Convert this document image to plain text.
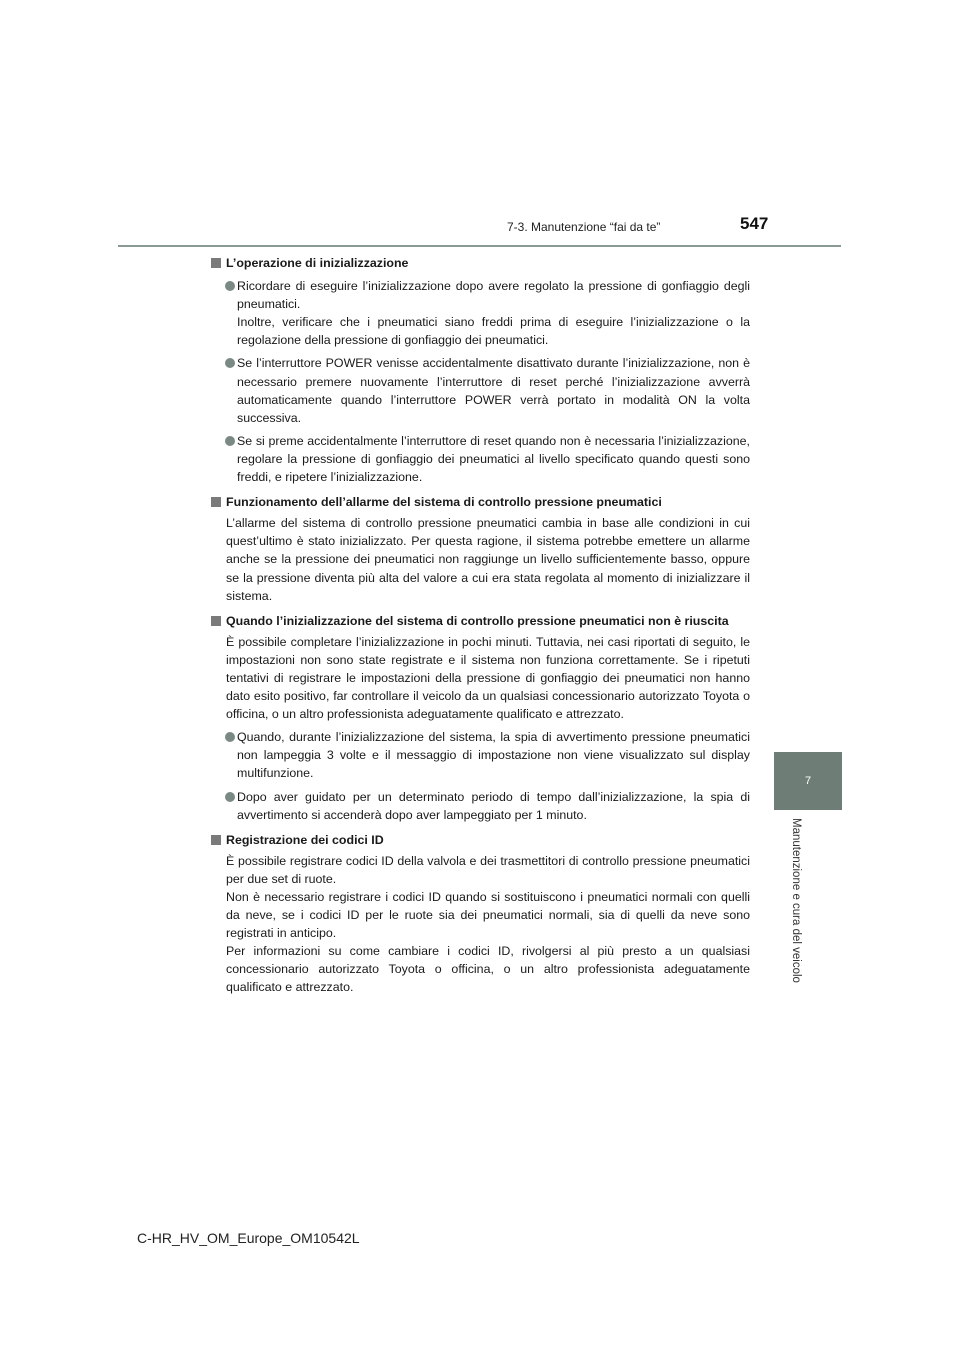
7-3. Manutenzione “fai da te”	547
7
Manutenzione e cura del veicolo
L’operazione di inizializzazione

Ricordare di eseguire l’inizializzazione dopo avere regolato la pressione di gonfiaggio degli pneumatici.

Inoltre, verificare che i pneumatici siano freddi prima di eseguire l’inizializzazione o la regolazione della pressione di gonfiaggio dei pneumatici.

Se l’interruttore POWER venisse accidentalmente disattivato durante l’inizializzazione, non è necessario premere nuovamente l’interruttore di reset perché l’inizializzazione avverrà automaticamente quando l’interruttore POWER verrà portato in modalità ON la volta successiva.

Se si preme accidentalmente l’interruttore di reset quando non è necessaria l’inizializzazione, regolare la pressione di gonfiaggio dei pneumatici al livello specificato quando questi sono freddi, e ripetere l’inizializzazione.

Funzionamento dell’allarme del sistema di controllo pressione pneumatici

L’allarme del sistema di controllo pressione pneumatici cambia in base alle condizioni in cui quest’ultimo è stato inizializzato. Per questa ragione, il sistema potrebbe emettere un allarme anche se la pressione dei pneumatici non raggiunge un livello sufficientemente basso, oppure se la pressione diventa più alta del valore a cui era stata regolata al momento di inizializzare il sistema.

Quando l’inizializzazione del sistema di controllo pressione pneumatici non è riuscita

È possibile completare l’inizializzazione in pochi minuti. Tuttavia, nei casi riportati di seguito, le impostazioni non sono state registrate e il sistema non funziona correttamente. Se i ripetuti tentativi di registrare le impostazioni della pressione di gonfiaggio dei pneumatici non hanno dato esito positivo, far controllare il veicolo da un qualsiasi concessionario autorizzato Toyota o officina, o un altro professionista adeguatamente qualificato e attrezzato.

Quando, durante l’inizializzazione del sistema, la spia di avvertimento pressione pneumatici non lampeggia 3 volte e il messaggio di impostazione non viene visualizzato sul display multifunzione.

Dopo aver guidato per un determinato periodo di tempo dall’inizializzazione, la spia di avvertimento si accenderà dopo aver lampeggiato per 1 minuto.

Registrazione dei codici ID

È possibile registrare codici ID della valvola e dei trasmettitori di controllo pressione pneumatici per due set di ruote.

Non è necessario registrare i codici ID quando si sostituiscono i pneumatici normali con quelli da neve, se i codici ID per le ruote sia dei pneumatici normali, sia di quelli da neve sono registrati in anticipo.

Per informazioni su come cambiare i codici ID, rivolgersi al più presto a un qualsiasi concessionario autorizzato Toyota o officina, o un altro professionista adeguatamente qualificato e attrezzato.

C-HR_HV_OM_Europe_OM10542L
